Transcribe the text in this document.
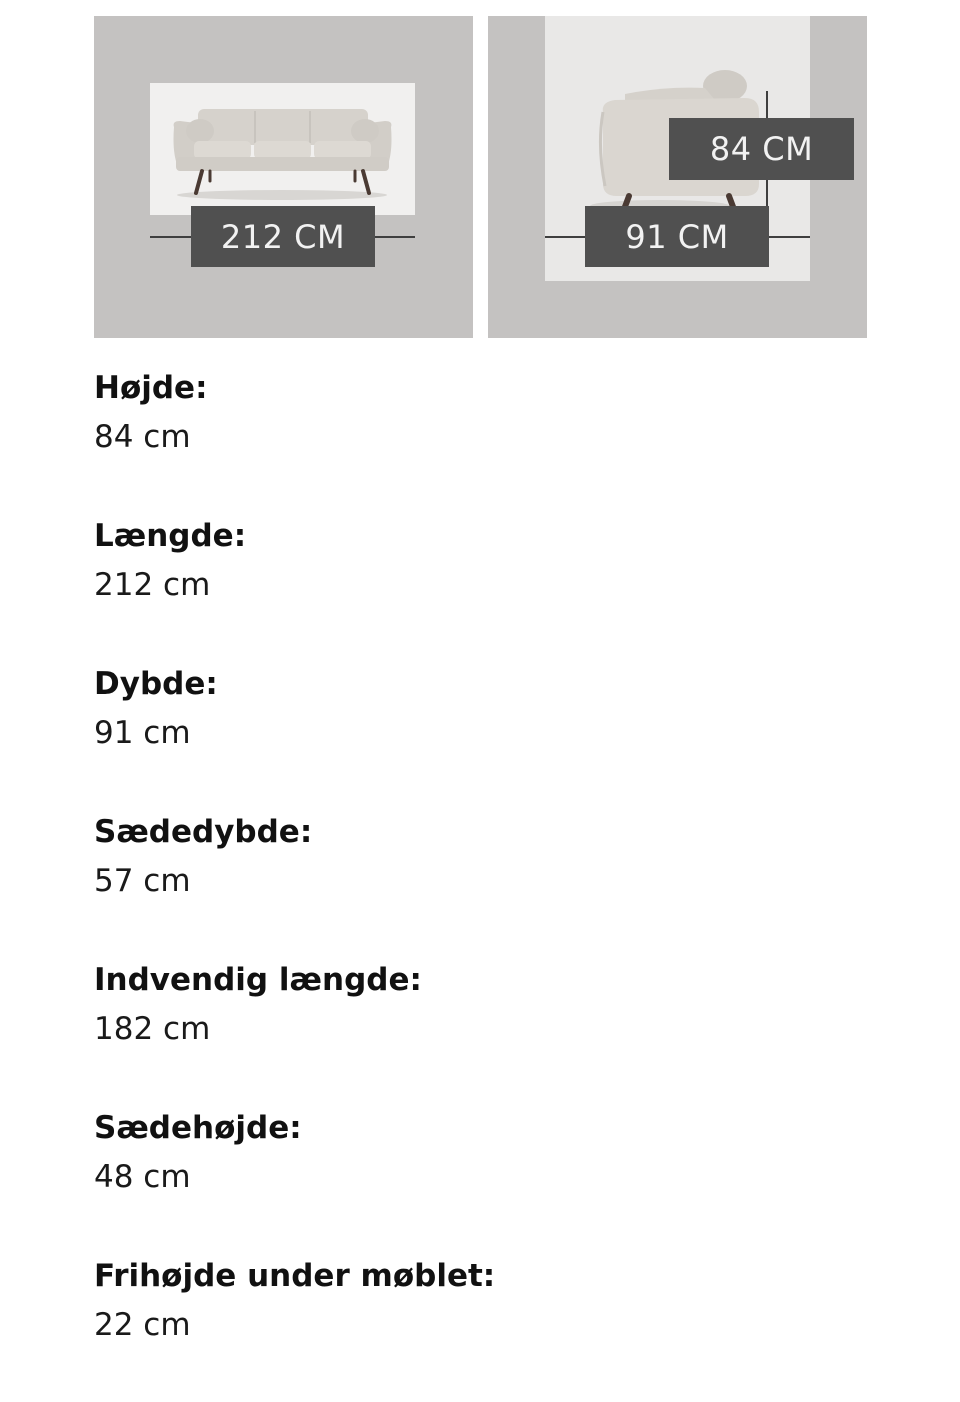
212 CM
84 CM
91 CM

Højde:

84 cm

Længde:

212 cm

Dybde:

91 cm

Sædedybde:

57 cm

Indvendig længde:

182 cm

Sædehøjde:

48 cm

Frihøjde under møblet:

22 cm
